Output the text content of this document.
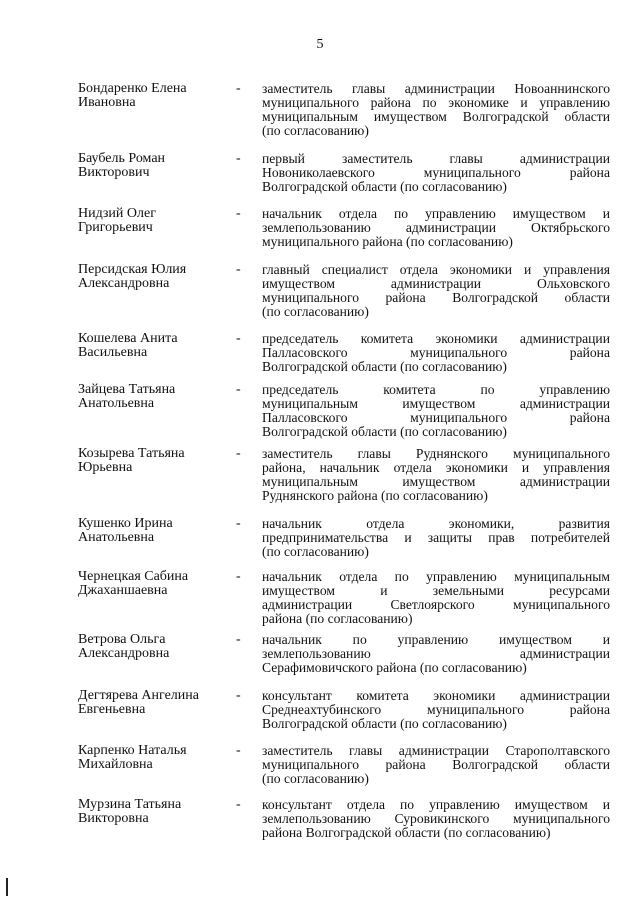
5
Бондаренко Елена
Ивановна
- заместитель главы администрации Новоаннинского
муниципального района по экономике и управлению
муниципальным имуществом Волгоградской области
(по согласованию)
Баубель Роман
Викторович
- первый заместитель главы администрации
Новониколаевского муниципального района
Волгоградской области (по согласованию)
Нидзий Олег
Григорьевич
- начальник отдела по управлению имуществом и
землепользованию администрации Октябрьского
муниципального района (по согласованию)
Персидская Юлия
Александровна
- главный специалист отдела экономики и управления
имуществом администрации Ольховского
муниципального района Волгоградской области
(по согласованию)
Кошелева Анита
Васильевна
- председатель комитета экономики администрации
Палласовского муниципального района
Волгоградской области (по согласованию)
Зайцева Татьяна
Анатольевна
- председатель комитета по управлению
муниципальным имуществом администрации
Палласовского муниципального района
Волгоградской области (по согласованию)
Козырева Татьяна
Юрьевна
- заместитель главы Руднянского муниципального
района, начальник отдела экономики и управления
муниципальным имуществом администрации
Руднянского района (по согласованию)
Кушенко Ирина
Анатольевна
- начальник отдела экономики, развития
предпринимательства и защиты прав потребителей
(по согласованию)
Чернецкая Сабина
Джаханшаевна
- начальник отдела по управлению муниципальным
имуществом и земельными ресурсами
администрации Светлоярского муниципального
района (по согласованию)
Ветрова Ольга
Александровна
- начальник по управлению имуществом и
землепользованию администрации
Серафимовичского района (по согласованию)
Дегтярева Ангелина
Евгеньевна
- консультант комитета экономики администрации
Среднеахтубинского муниципального района
Волгоградской области (по согласованию)
Карпенко Наталья
Михайловна
- заместитель главы администрации Старополтавского
муниципального района Волгоградской области
(по согласованию)
Мурзина Татьяна
Викторовна
- консультант отдела по управлению имуществом и
землепользованию Суровикинского муниципального
района Волгоградской области (по согласованию)
